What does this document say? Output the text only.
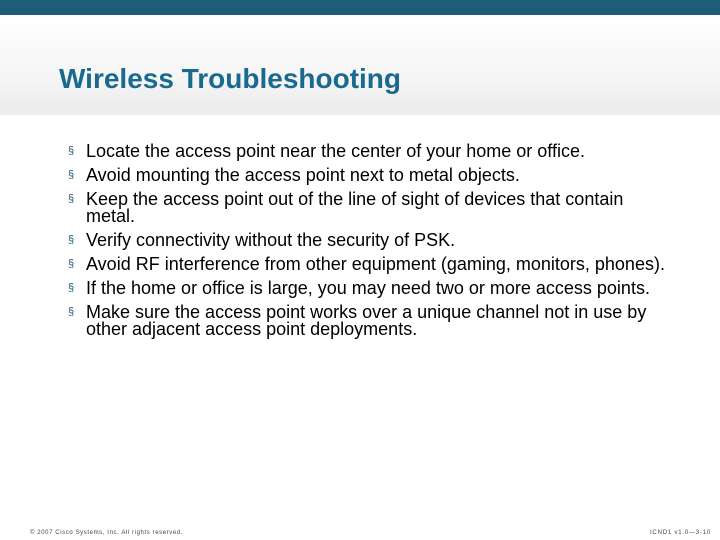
Wireless Troubleshooting
§ Locate the access point near the center of your home or office.
§ Avoid mounting the access point next to metal objects.
§ Keep the access point out of the line of sight of devices that contain metal.
§ Verify connectivity without the security of PSK.
§ Avoid RF interference from other equipment (gaming, monitors, phones).
§ If the home or office is large, you may need two or more access points.
§ Make sure the access point works over a unique channel not in use by other adjacent access point deployments.
© 2007 Cisco Systems, Inc. All rights reserved.	ICND1 v1.0—3-10
